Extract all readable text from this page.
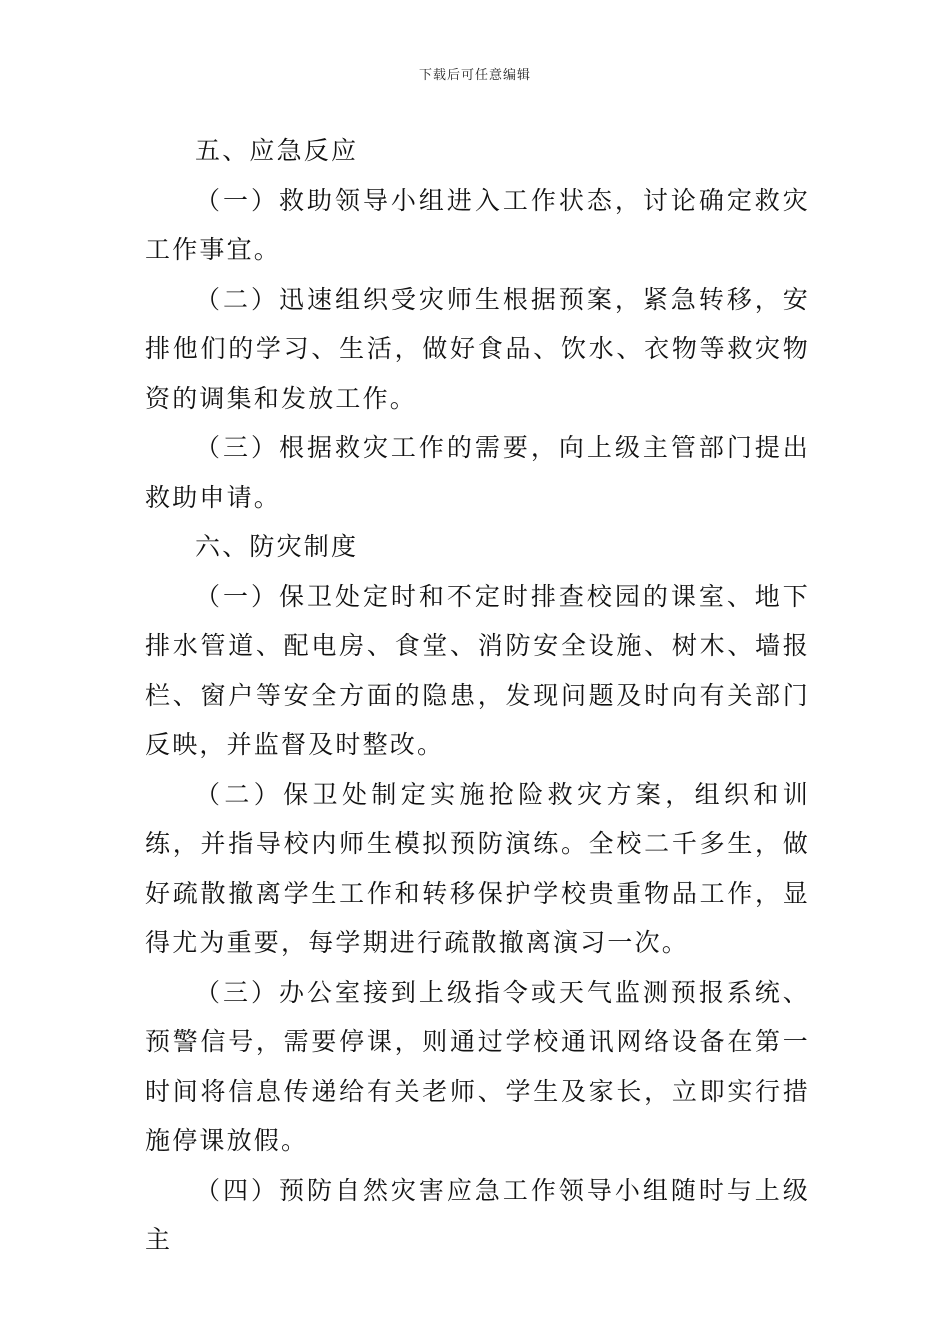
下载后可任意编辑

五、应急反应

（一）救助领导小组进入工作状态，讨论确定救灾工作事宜。

（二）迅速组织受灾师生根据预案，紧急转移，安排他们的学习、生活，做好食品、饮水、衣物等救灾物资的调集和发放工作。

（三）根据救灾工作的需要，向上级主管部门提出救助申请。

六、防灾制度

（一）保卫处定时和不定时排查校园的课室、地下排水管道、配电房、食堂、消防安全设施、树木、墙报栏、窗户等安全方面的隐患，发现问题及时向有关部门反映，并监督及时整改。

（二）保卫处制定实施抢险救灾方案，组织和训练，并指导校内师生模拟预防演练。全校二千多生，做好疏散撤离学生工作和转移保护学校贵重物品工作，显得尤为重要，每学期进行疏散撤离演习一次。

（三）办公室接到上级指令或天气监测预报系统、预警信号，需要停课，则通过学校通讯网络设备在第一时间将信息传递给有关老师、学生及家长，立即实行措施停课放假。

（四）预防自然灾害应急工作领导小组随时与上级主
